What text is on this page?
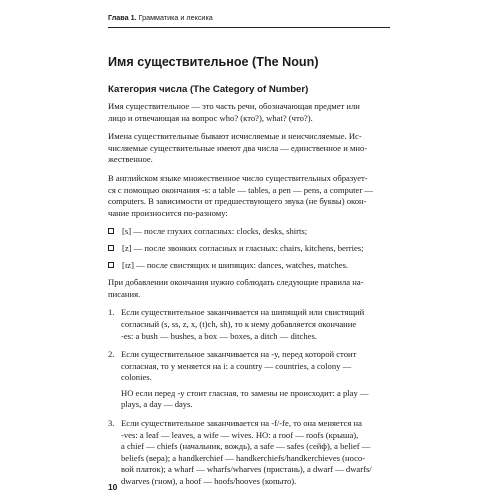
Глава 1. Грамматика и лексика
Имя существительное (The Noun)
Категория числа (The Category of Number)

Имя существительное — это часть речи, обозначающая предмет или
лицо и отвечающая на вопрос who? (кто?), what? (что?).

Имена существительные бывают исчисляемые и неисчисляемые. Ис-
числяемые существительные имеют два числа — единственное и мно-
жественное.

В английском языке множественное число существительных образует-
ся с помощью окончания -s: a table — tables, a pen — pens, a computer —
computers. В зависимости от предшествующего звука (не буквы) окон-
чание произносится по-разному:

[s] — после глухих согласных: clocks, desks, shirts;
[z] — после звонких согласных и гласных: chairs, kitchens, berries;
[ɪz] — после свистящих и шипящих: dances, watches, matches.

При добавлении окончания нужно соблюдать следующие правила на-
писания.

1. Если существительное заканчивается на шипящий или свистящий
согласный (s, ss, z, x, (t)ch, sh), то к нему добавляется окончание
-es: a bush — bushes, a box — boxes, a ditch — ditches.
2. Если существительное заканчивается на -y, перед которой стоит
согласная, то y меняется на i: a country — countries, a colony —
colonies.
НО если перед -y стоит гласная, то замены не происходит: a play —
plays, a day — days.
3. Если существительное заканчивается на -f/-fe, то она меняется на
-ves: a leaf — leaves, a wife — wives. НО: a roof — roofs (крыша),
a chief — chiefs (начальник, вождь), a safe — safes (сейф), a belief —
beliefs (вера); a handkerchief — handkerchiefs/handkerchieves (носо-
вой платок); a wharf — wharfs/wharves (пристань), a dwarf — dwarfs/
dwarves (гном), a hoof — hoofs/hooves (копыто).
10
